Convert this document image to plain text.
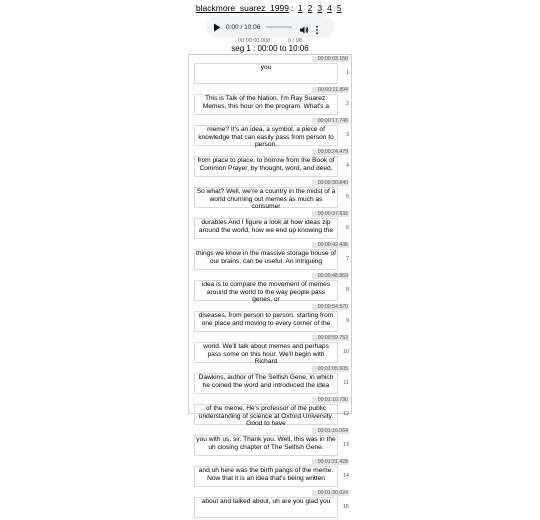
blackmore_suarez_1999 : 1 2 3 4 5
0:00 / 10:06
00:00:00.000	0 / 98
seg 1 : 00:00 to 10:06
00:00:03.150
you
1
00:00:11.894
This is Talk of the Nation. I'm Ray Suarez. Memes, this hour on the program. What's a	2
00:00:17.748
meme? It's an idea, a symbol, a piece of knowledge that can easily pass from person to person,
3
00:00:24.479
from place to place, to borrow from the Book of Common Prayer, by thought, word, and deed.	4
00:00:30.840
So what? Well, we're a country in the midst of a world churning out memes as much as consumer
5
00:00:37.632
durables And I figure a look at how ideas zip around the world, how we end up knowing the	6
00:00:42.436
things we know in the massive storage house of our brains, can be useful. An intriguing	7
00:00:48.869
idea is to compare the movement of memes around the world to the way people pass genes, or
8
00:00:54.570
diseases, from person to person, starting from one place and moving to every corner of the	9
00:00:59.753
world. We'll talk about memes and perhaps pass some on this hour. We'll begin with Richard
10
00:01:05.605
Dawkins, author of The Selfish Gene, in which he coined the word and introduced the idea	11
00:01:10.780
of the meme. He's professor of the public understanding of science at Oxford University. Good to have
12
00:01:16.064
you with us, sir. Thank you. Well, this was in the uh closing chapter of The Selfish Gene.	13
00:01:21.428
and uh here was the birth pangs of the meme. Now that it is an idea that's being written	14
00:01:30.024
about and talked about, uh are you glad you
15
